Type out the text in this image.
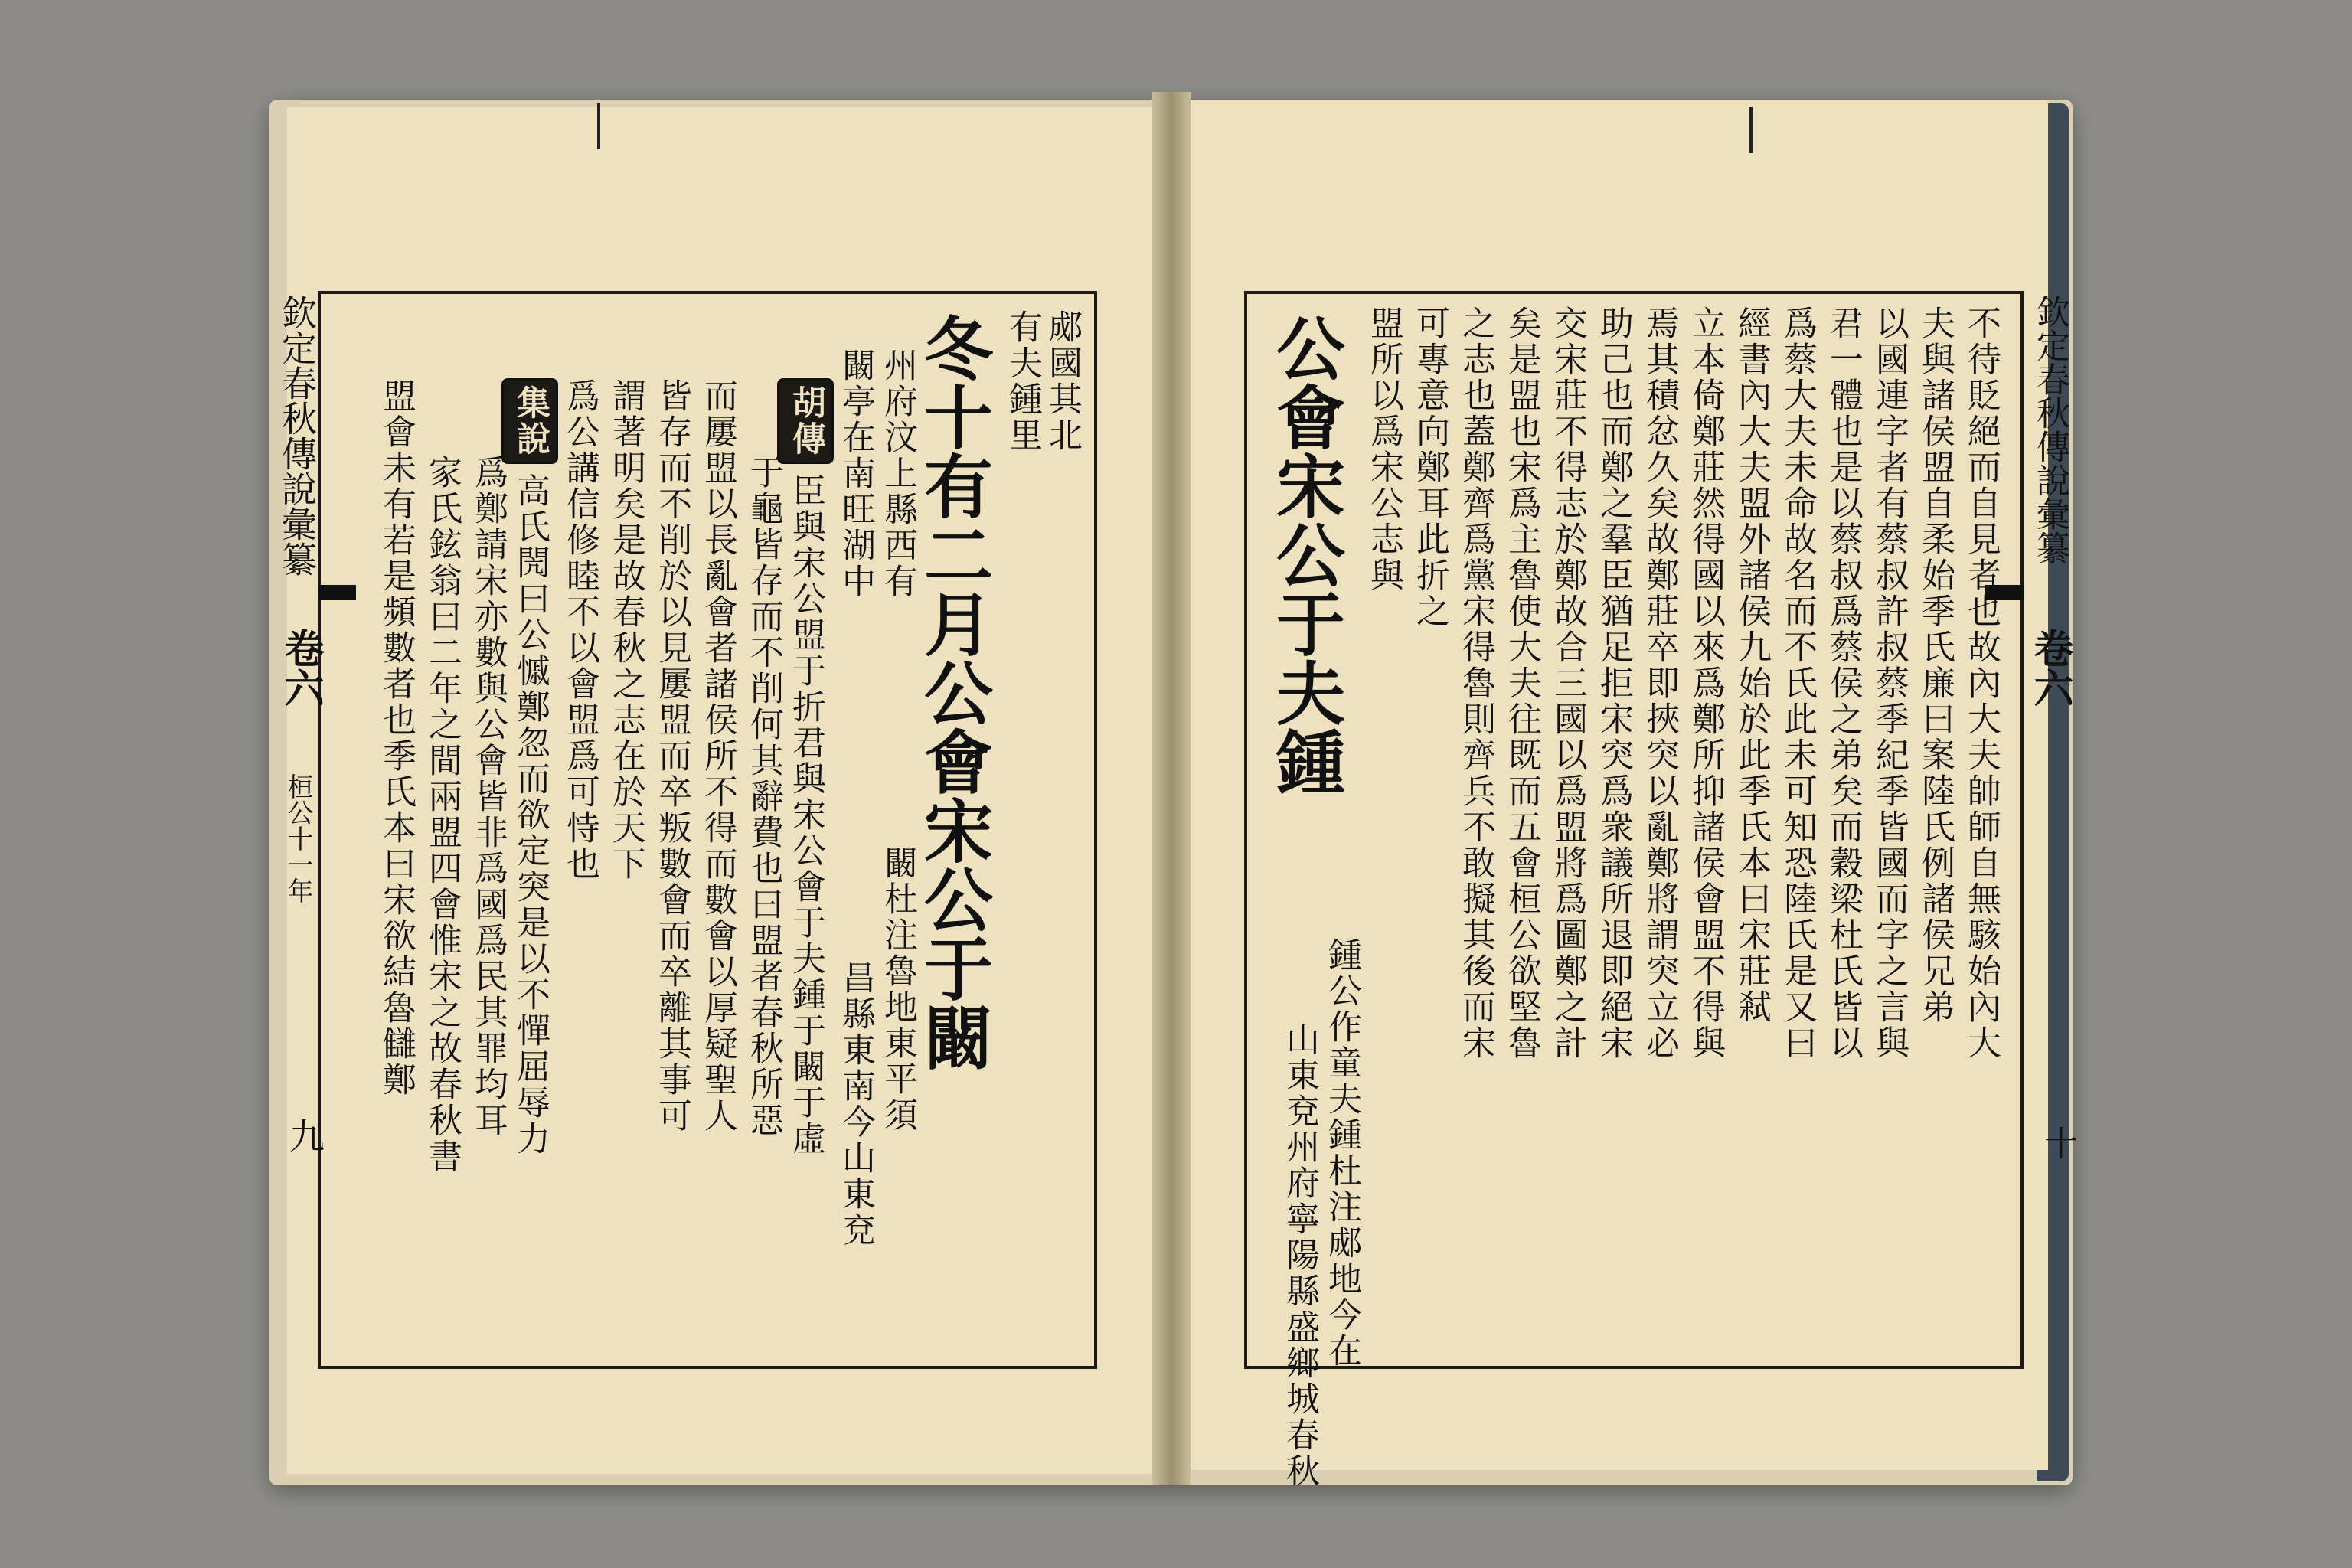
郕國其北
有夫鍾里
冬十有二月公會宋公于闞
闞杜注魯地東平須
昌縣東南今山東兗
州府汶上縣西有
闞亭在南旺湖中
胡傳臣與宋公盟于折君與宋公會于夫鍾于闞于虛
于龜皆存而不削何其辭費也曰盟者春秋所惡
而屢盟以長亂會者諸侯所不得而數會以厚疑聖人
皆存而不削於以見屢盟而卒叛數會而卒離其事可
謂著明矣是故春秋之志在於天下
爲公講信修睦不以會盟爲可恃也
集說高氏閌曰公慽鄭忽而欲定突是以不憚屈辱力
爲鄭請宋亦數與公會皆非爲國爲民其罪均耳
家氏鉉翁曰二年之間兩盟四會惟宋之故春秋書
盟會未有若是頻數者也季氏本曰宋欲結魯讎鄭
欽定春秋傳說彙纂
卷六
桓公十一年
九
不待貶絕而自見者也故內大夫帥師自無駭始內大
夫與諸侯盟自柔始季氏廉曰案陸氏例諸侯兄弟
以國連字者有蔡叔許叔蔡季紀季皆國而字之言與
君一體也是以蔡叔爲蔡侯之弟矣而穀梁杜氏皆以
爲蔡大夫未命故名而不氏此未可知恐陸氏是又曰
經書內大夫盟外諸侯九始於此季氏本曰宋莊弒
立本倚鄭莊然得國以來爲鄭所抑諸侯會盟不得與
焉其積忿久矣故鄭莊卒即挾突以亂鄭將謂突立必
助己也而鄭之羣臣猶足拒宋突爲衆議所退即絕宋
交宋莊不得志於鄭故合三國以爲盟將爲圖鄭之計
矣是盟也宋爲主魯使大夫往既而五會桓公欲堅魯
之志也蓋鄭齊爲黨宋得魯則齊兵不敢擬其後而宋
可專意向鄭耳此折之
盟所以爲宋公志與
鍾公作童夫鍾杜注郕地今在
山東兗州府寧陽縣盛鄉城春秋
公會宋公于夫鍾	欽定春秋傳說彙纂
卷六
十
